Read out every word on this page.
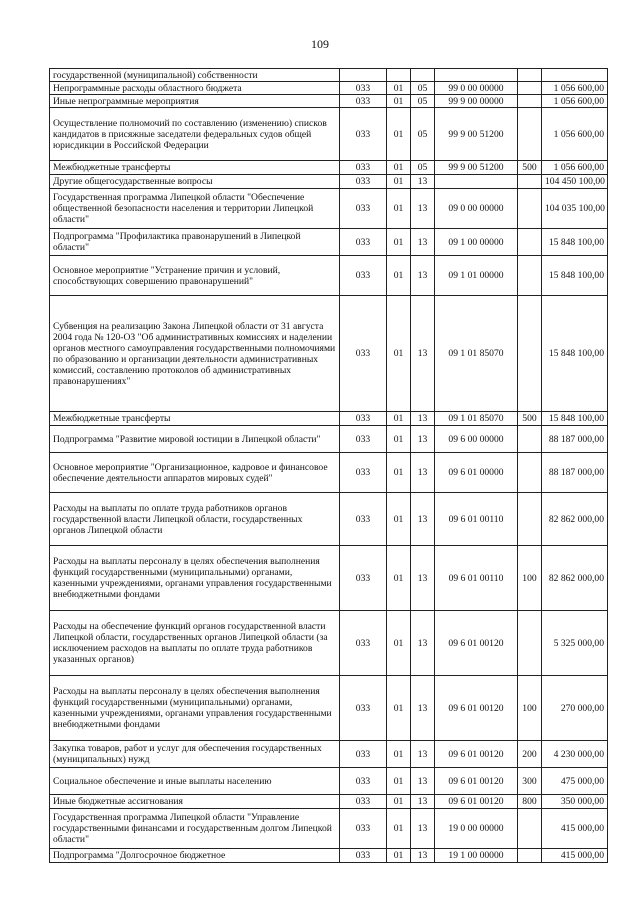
109
государственной (муниципальной) собственности						
Непрограммные расходы областного бюджета	033	01	05	99 0 00 00000		1 056 600,00
Иные непрограммные мероприятия	033	01	05	99 9 00 00000		1 056 600,00
Осуществление полномочий по составлению (изменению) списков кандидатов в присяжные заседатели федеральных судов общей юрисдикции в Российской Федерации	033	01	05	99 9 00 51200		1 056 600,00
Межбюджетные трансферты	033	01	05	99 9 00 51200	500	1 056 600,00
Другие общегосударственные вопросы	033	01	13			104 450 100,00
Государственная программа Липецкой области "Обеспечение общественной безопасности населения и территории Липецкой области"	033	01	13	09 0 00 00000		104 035 100,00
Подпрограмма "Профилактика правонарушений в Липецкой области"	033	01	13	09 1 00 00000		15 848 100,00
Основное мероприятие "Устранение причин и условий, способствующих совершению правонарушений"	033	01	13	09 1 01 00000		15 848 100,00
Субвенция на реализацию Закона Липецкой области от 31 августа 2004 года № 120-ОЗ "Об административных комиссиях и наделении органов местного самоуправления государственными полномочиями по образованию и организации деятельности административных комиссий, составлению протоколов об административных правонарушениях"	033	01	13	09 1 01 85070		15 848 100,00
Межбюджетные трансферты	033	01	13	09 1 01 85070	500	15 848 100,00
Подпрограмма "Развитие мировой юстиции в Липецкой области"	033	01	13	09 6 00 00000		88 187 000,00
Основное мероприятие "Организационное, кадровое и финансовое обеспечение деятельности аппаратов мировых судей"	033	01	13	09 6 01 00000		88 187 000,00
Расходы на выплаты по оплате труда работников органов государственной власти Липецкой области, государственных органов Липецкой области	033	01	13	09 6 01 00110		82 862 000,00
Расходы на выплаты персоналу в целях обеспечения выполнения функций государственными (муниципальными) органами, казенными учреждениями, органами управления государственными внебюджетными фондами	033	01	13	09 6 01 00110	100	82 862 000,00
Расходы на обеспечение функций органов государственной власти Липецкой области, государственных органов Липецкой области (за исключением расходов на выплаты по оплате труда работников указанных органов)	033	01	13	09 6 01 00120		5 325 000,00
Расходы на выплаты персоналу в целях обеспечения выполнения функций государственными (муниципальными) органами, казенными учреждениями, органами управления государственными внебюджетными фондами	033	01	13	09 6 01 00120	100	270 000,00
Закупка товаров, работ и услуг для обеспечения государственных (муниципальных) нужд	033	01	13	09 6 01 00120	200	4 230 000,00
Социальное обеспечение и иные выплаты населению	033	01	13	09 6 01 00120	300	475 000,00
Иные бюджетные ассигнования	033	01	13	09 6 01 00120	800	350 000,00
Государственная программа Липецкой области "Управление государственными финансами и государственным долгом Липецкой области"	033	01	13	19 0 00 00000		415 000,00
Подпрограмма "Долгосрочное бюджетное	033	01	13	19 1 00 00000		415 000,00
